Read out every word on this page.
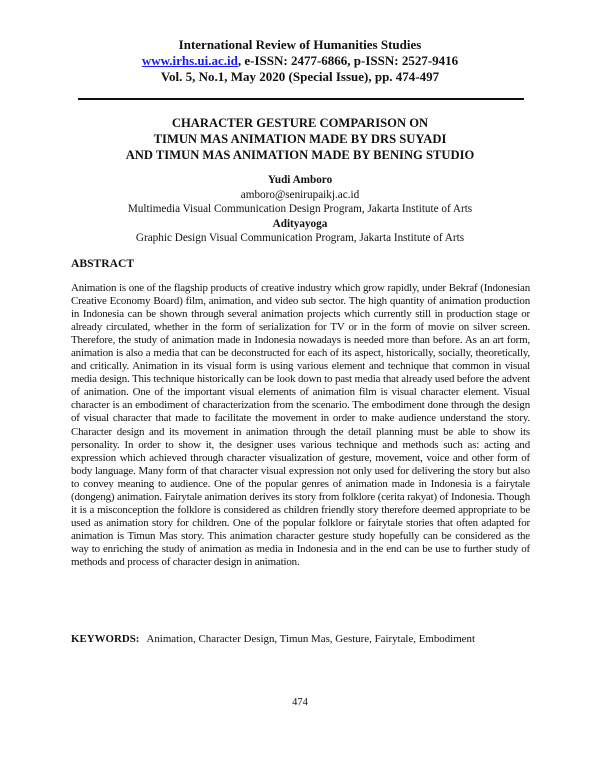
International Review of Humanities Studies
www.irhs.ui.ac.id, e-ISSN: 2477-6866, p-ISSN: 2527-9416
Vol. 5, No.1, May 2020 (Special Issue), pp. 474-497
CHARACTER GESTURE COMPARISON ON
TIMUN MAS ANIMATION MADE BY DRS SUYADI
AND TIMUN MAS ANIMATION MADE BY BENING STUDIO
Yudi Amboro
amboro@senirupaikj.ac.id
Multimedia Visual Communication Design Program, Jakarta Institute of Arts
Adityayoga
Graphic Design Visual Communication Program, Jakarta Institute of Arts
ABSTRACT
Animation is one of the flagship products of creative industry which grow rapidly, under Bekraf (Indonesian Creative Economy Board) film, animation, and video sub sector. The high quantity of animation production in Indonesia can be shown through several animation projects which currently still in production stage or already circulated, whether in the form of serialization for TV or in the form of movie on silver screen. Therefore, the study of animation made in Indonesia nowadays is needed more than before. As an art form, animation is also a media that can be deconstructed for each of its aspect, historically, socially, theoretically, and critically. Animation in its visual form is using various element and technique that common in visual media design. This technique historically can be look down to past media that already used before the advent of animation. One of the important visual elements of animation film is visual character element. Visual character is an embodiment of characterization from the scenario. The embodiment done through the design of visual character that made to facilitate the movement in order to make audience understand the story. Character design and its movement in animation through the detail planning must be able to show its personality. In order to show it, the designer uses various technique and methods such as: acting and expression which achieved through character visualization of gesture, movement, voice and other form of body language. Many form of that character visual expression not only used for delivering the story but also to convey meaning to audience. One of the popular genres of animation made in Indonesia is a fairytale (dongeng) animation. Fairytale animation derives its story from folklore (cerita rakyat) of Indonesia. Though it is a misconception the folklore is considered as children friendly story therefore deemed appropriate to be used as animation story for children. One of the popular folklore or fairytale stories that often adapted for animation is Timun Mas story. This animation character gesture study hopefully can be considered as the way to enriching the study of animation as media in Indonesia and in the end can be use to further study of methods and process of character design in animation.
KEYWORDS: Animation, Character Design, Timun Mas, Gesture, Fairytale, Embodiment
474
